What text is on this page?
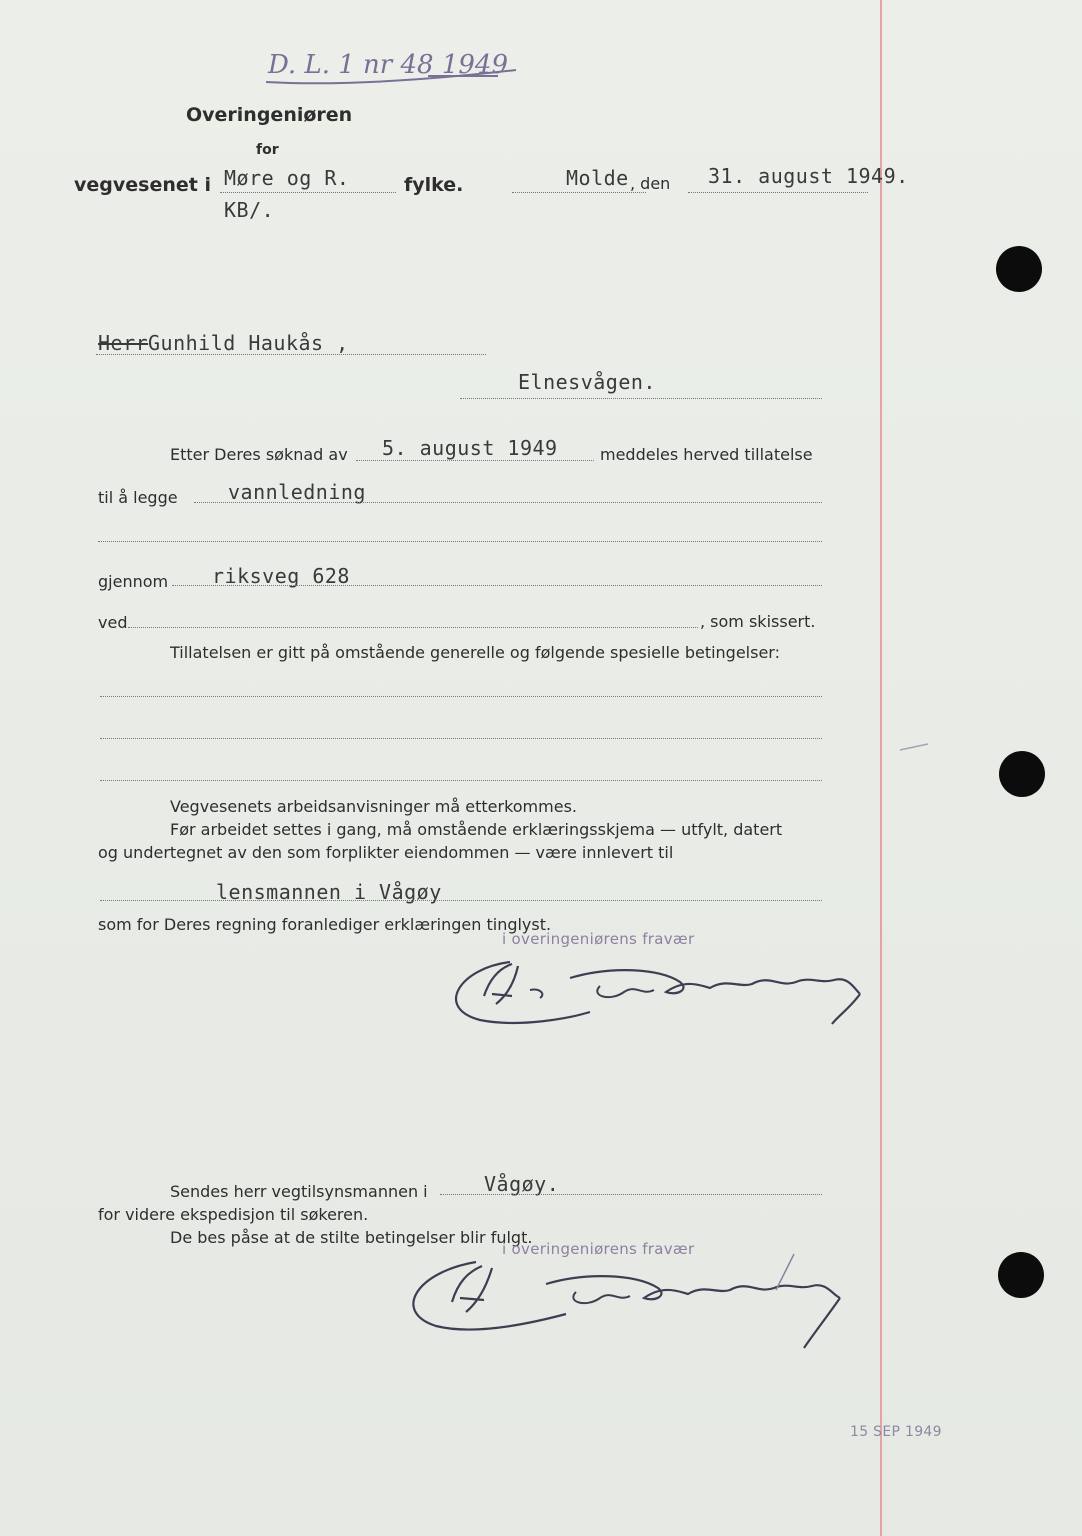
D. L. 1 nr 48 1949
Overingeniøren
for
vegvesenet i Møre og R.	fylke.
KB/.
Molde , den 31. august 1949.
Herr Gunhild Haukås ,
Elnesvågen.
Etter Deres søknad av 5. august 1949	meddeles herved tillatelse
til å legge	vannledning
gjennom riksveg 628
ved	, som skissert.
Tillatelsen er gitt på omstående generelle og følgende spesielle betingelser:
Vegvesenets arbeidsanvisninger må etterkommes.
Før arbeidet settes i gang, må omstående erklæringsskjema — utfylt, datert
og undertegnet av den som forplikter eiendommen — være innlevert til
lensmannen i Vågøy
som for Deres regning foranlediger erklæringen tinglyst.
i overingeniørens fravær
Sendes herr vegtilsynsmannen i	Vågøy.
for videre ekspedisjon til søkeren.
De bes påse at de stilte betingelser blir fulgt.
i overingeniørens fravær
15 SEP 1949
